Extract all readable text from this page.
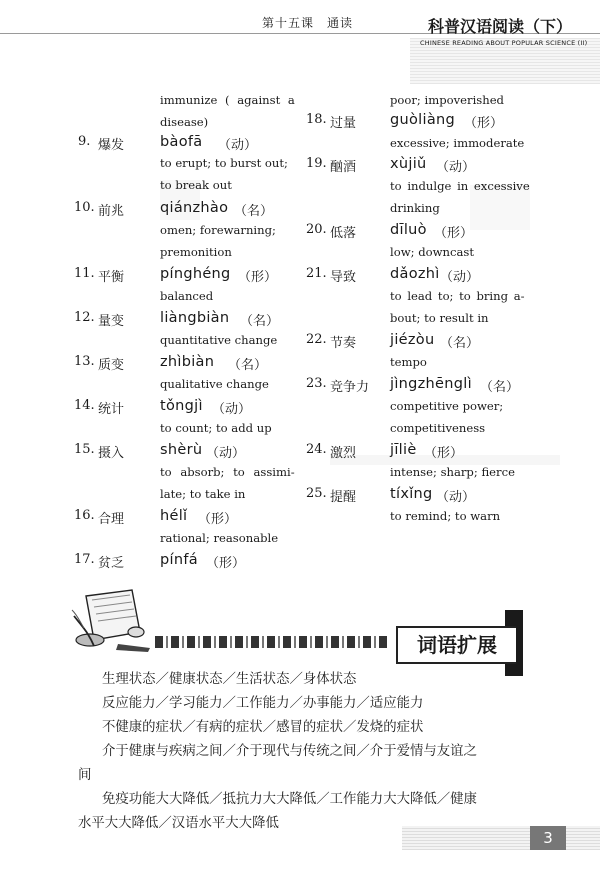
第十五课　通读	科普汉语阅读（下）
CHINESE READING ABOUT POPULAR SCIENCE (II)
immunize ( against a
disease)
9. 爆发 bàofā （动）
to erupt; to burst out;
to break out
10. 前兆 qiánzhào （名）
omen; forewarning;
premonition
11. 平衡 pínghéng （形）
balanced
12. 量变 liàngbiàn （名）
quantitative change
13. 质变 zhìbiàn （名）
qualitative change
14. 统计 tǒngjì （动）
to count; to add up
15. 摄入 shèrù （动）
to absorb; to assimi-
late; to take in
16. 合理 hélǐ （形）
rational; reasonable
17. 贫乏 pínfá （形）
poor; impoverished
18. 过量 guòliàng （形）
excessive; immoderate
19. 酗酒 xùjiǔ （动）
to indulge in excessive
drinking
20. 低落 dīluò （形）
low; downcast
21. 导致 dǎozhì （动）
to lead to; to bring a-
bout; to result in
22. 节奏 jiézòu （名）
tempo
23. 竞争力 jìngzhēnglì （名）
competitive power;
competitiveness
24. 激烈 jīliè （形）
intense; sharp; fierce
25. 提醒 tíxǐng （动）
to remind; to warn
词语扩展
生理状态／健康状态／生活状态／身体状态
反应能力／学习能力／工作能力／办事能力／适应能力
不健康的症状／有病的症状／感冒的症状／发烧的症状
介于健康与疾病之间／介于现代与传统之间／介于爱情与友谊之
间
免疫功能大大降低／抵抗力大大降低／工作能力大大降低／健康
水平大大降低／汉语水平大大降低
3
